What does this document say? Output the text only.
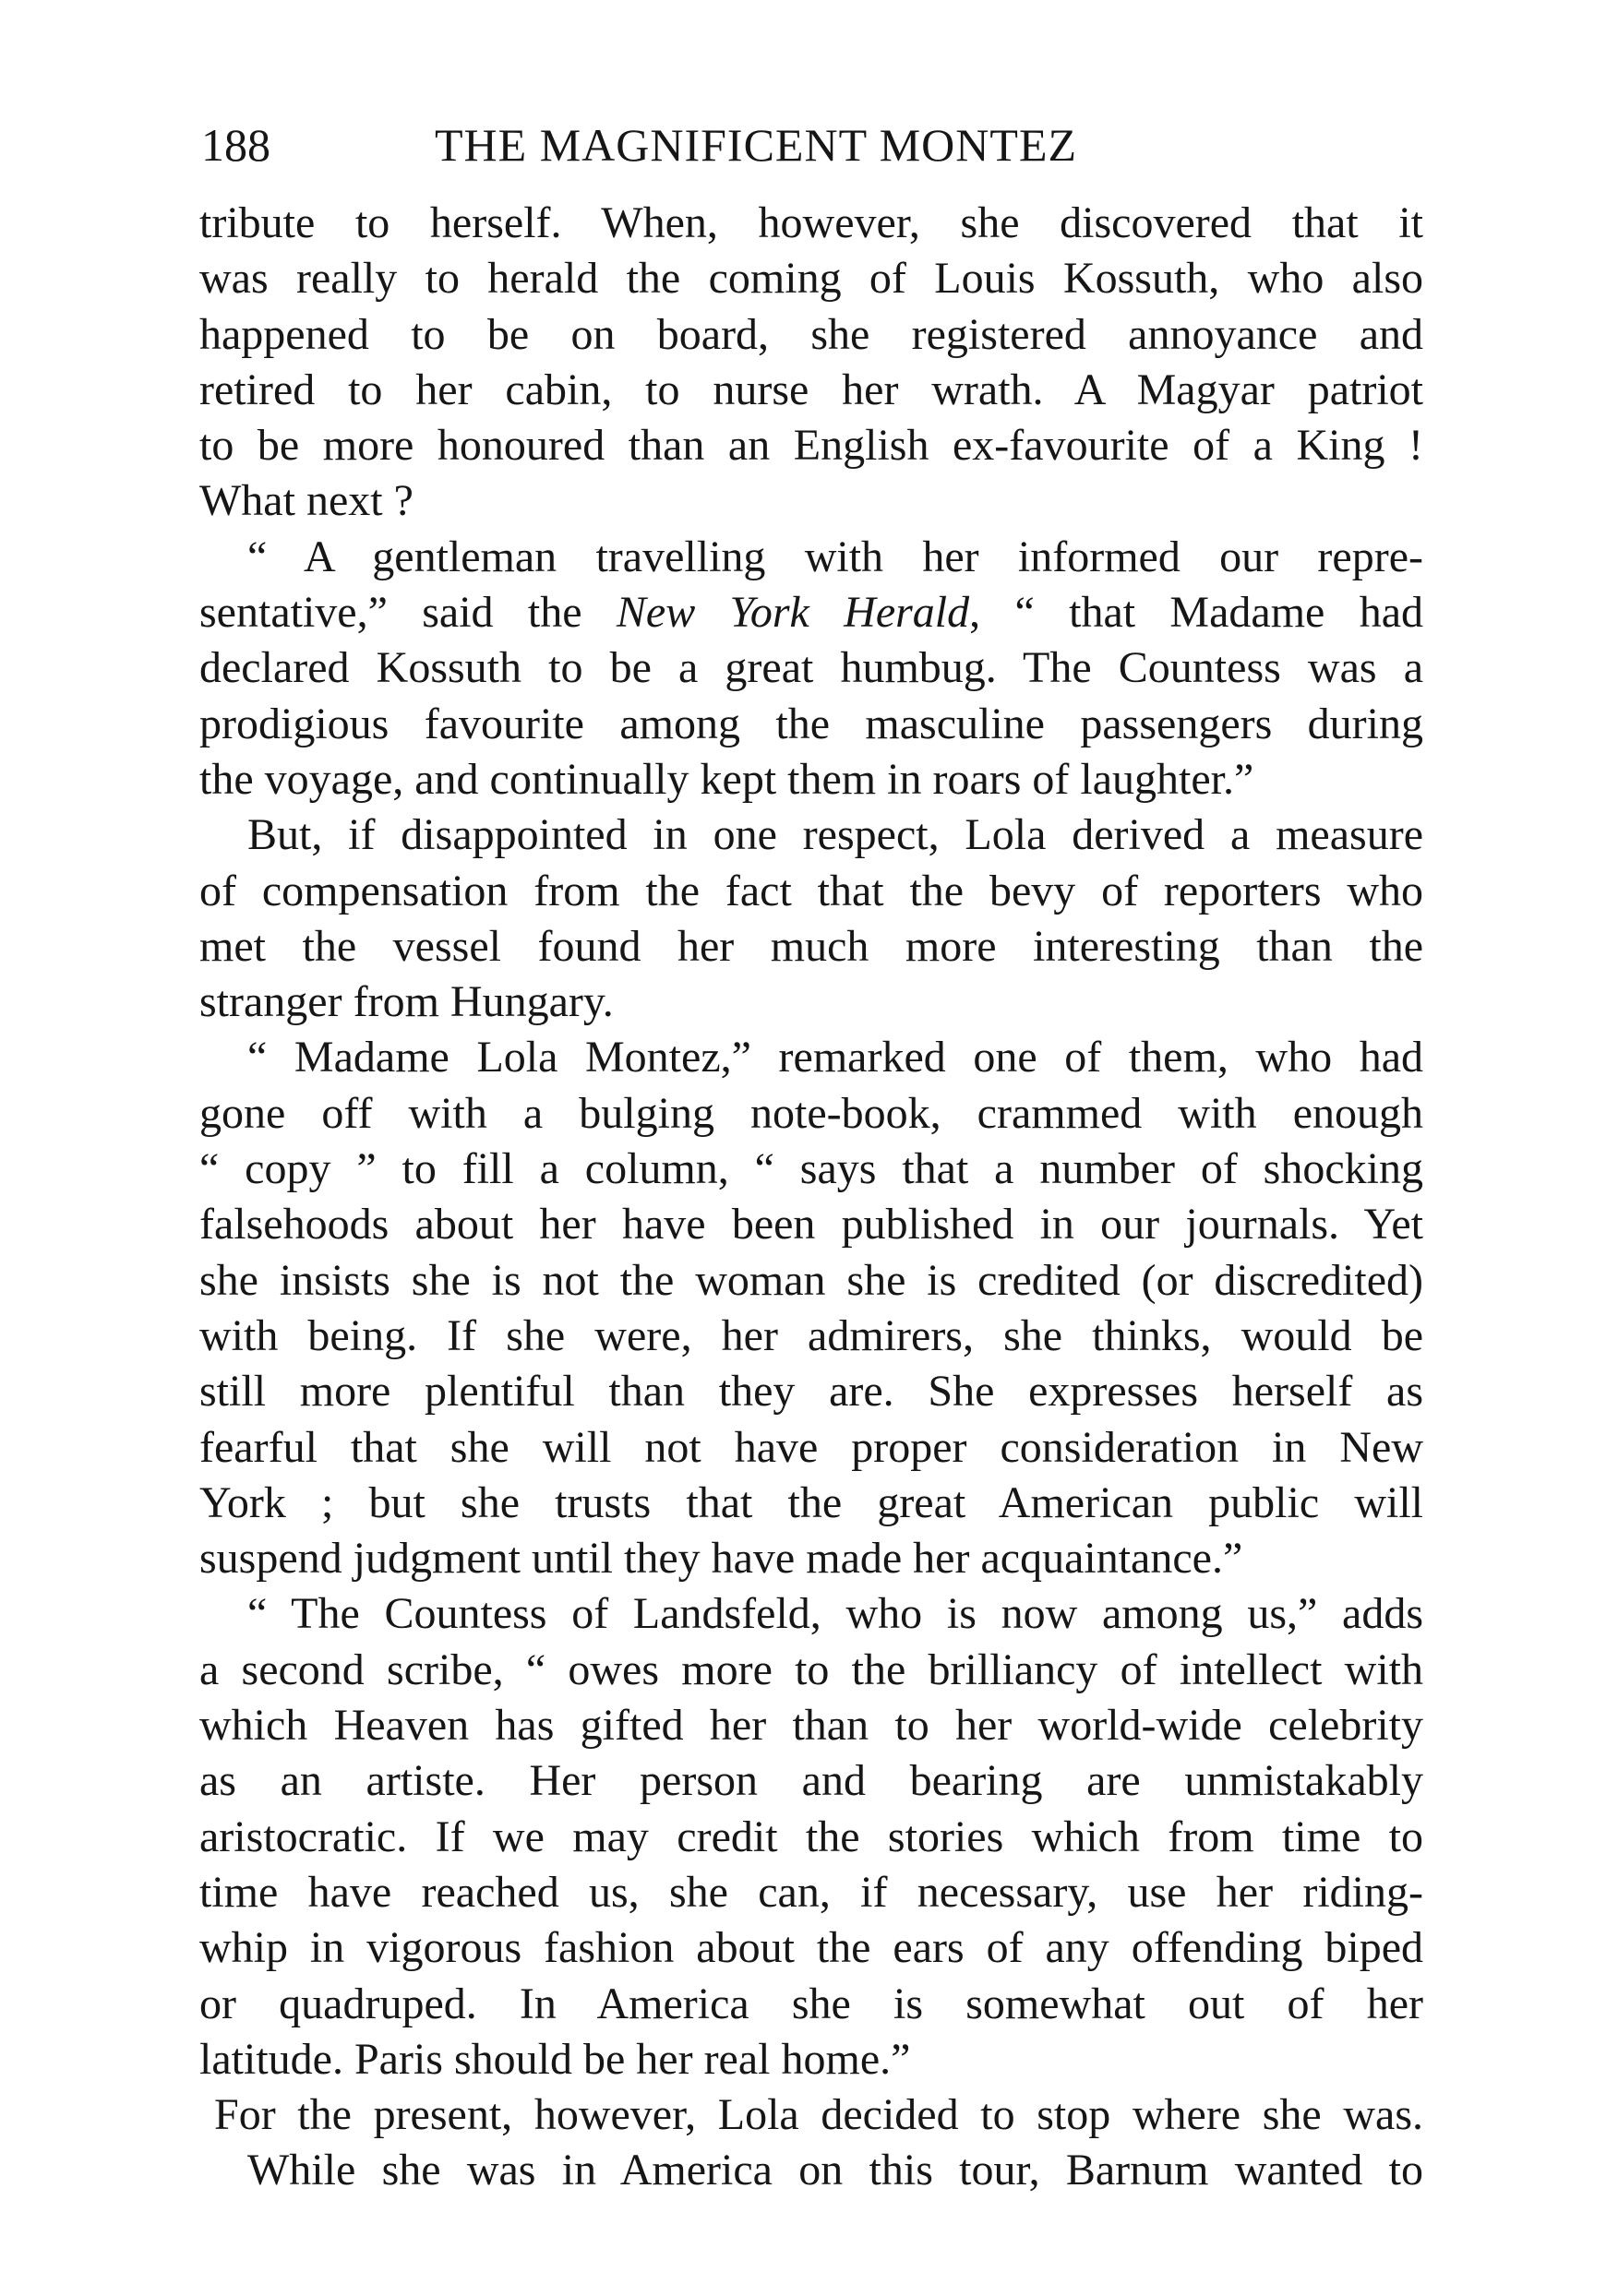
188	THE MAGNIFICENT MONTEZ
tribute to herself. When, however, she discovered that it
was really to herald the coming of Louis Kossuth, who also
happened to be on board, she registered annoyance and
retired to her cabin, to nurse her wrath. A Magyar patriot
to be more honoured than an English ex-favourite of a King !
What next ?
“ A gentleman travelling with her informed our repre-
sentative,” said the New York Herald, “ that Madame had
declared Kossuth to be a great humbug. The Countess was a
prodigious favourite among the masculine passengers during
the voyage, and continually kept them in roars of laughter.”
But, if disappointed in one respect, Lola derived a measure
of compensation from the fact that the bevy of reporters who
met the vessel found her much more interesting than the
stranger from Hungary.
“ Madame Lola Montez,” remarked one of them, who had
gone off with a bulging note-book, crammed with enough
“ copy ” to fill a column, “ says that a number of shocking
falsehoods about her have been published in our journals. Yet
she insists she is not the woman she is credited (or discredited)
with being. If she were, her admirers, she thinks, would be
still more plentiful than they are. She expresses herself as
fearful that she will not have proper consideration in New
York ; but she trusts that the great American public will
suspend judgment until they have made her acquaintance.”
“ The Countess of Landsfeld, who is now among us,” adds
a second scribe, “ owes more to the brilliancy of intellect with
which Heaven has gifted her than to her world-wide celebrity
as an artiste. Her person and bearing are unmistakably
aristocratic. If we may credit the stories which from time to
time have reached us, she can, if necessary, use her riding-
whip in vigorous fashion about the ears of any offending biped
or quadruped. In America she is somewhat out of her
latitude. Paris should be her real home.”
For the present, however, Lola decided to stop where she was.
While she was in America on this tour, Barnum wanted to
